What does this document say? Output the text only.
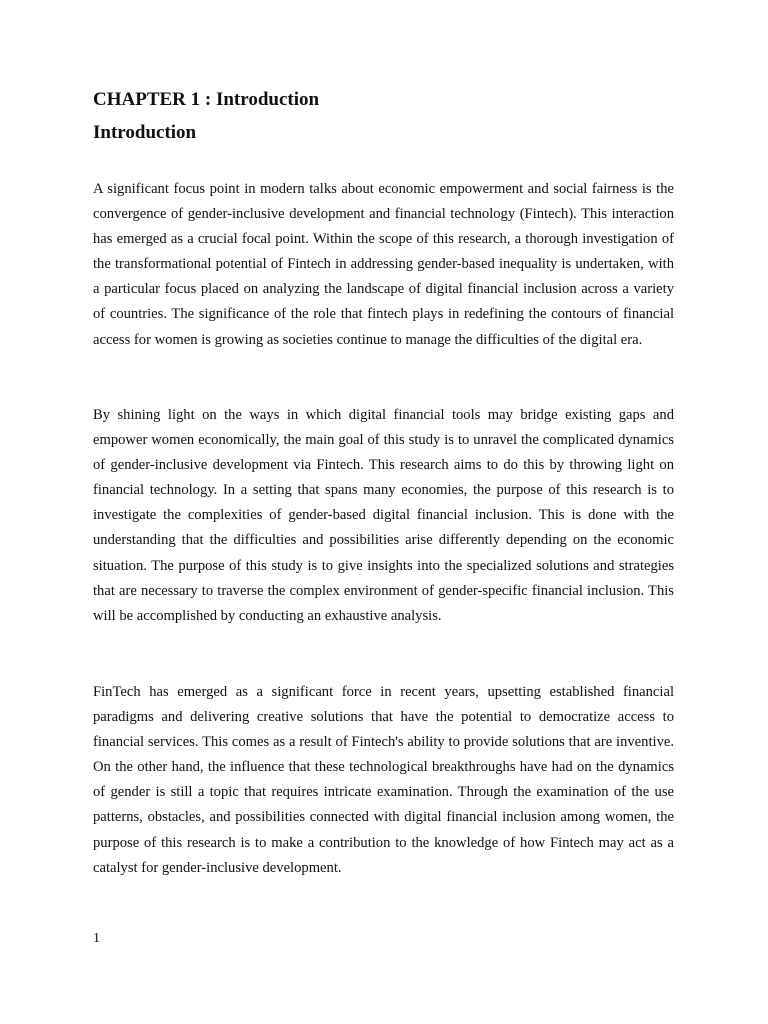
CHAPTER 1 : Introduction
Introduction

A significant focus point in modern talks about economic empowerment and social fairness is the convergence of gender-inclusive development and financial technology (Fintech). This interaction has emerged as a crucial focal point. Within the scope of this research, a thorough investigation of the transformational potential of Fintech in addressing gender-based inequality is undertaken, with a particular focus placed on analyzing the landscape of digital financial inclusion across a variety of countries. The significance of the role that fintech plays in redefining the contours of financial access for women is growing as societies continue to manage the difficulties of the digital era.

By shining light on the ways in which digital financial tools may bridge existing gaps and empower women economically, the main goal of this study is to unravel the complicated dynamics of gender-inclusive development via Fintech. This research aims to do this by throwing light on financial technology. In a setting that spans many economies, the purpose of this research is to investigate the complexities of gender-based digital financial inclusion. This is done with the understanding that the difficulties and possibilities arise differently depending on the economic situation. The purpose of this study is to give insights into the specialized solutions and strategies that are necessary to traverse the complex environment of gender-specific financial inclusion. This will be accomplished by conducting an exhaustive analysis.

FinTech has emerged as a significant force in recent years, upsetting established financial paradigms and delivering creative solutions that have the potential to democratize access to financial services. This comes as a result of Fintech's ability to provide solutions that are inventive. On the other hand, the influence that these technological breakthroughs have had on the dynamics of gender is still a topic that requires intricate examination. Through the examination of the use patterns, obstacles, and possibilities connected with digital financial inclusion among women, the purpose of this research is to make a contribution to the knowledge of how Fintech may act as a catalyst for gender-inclusive development.

1
